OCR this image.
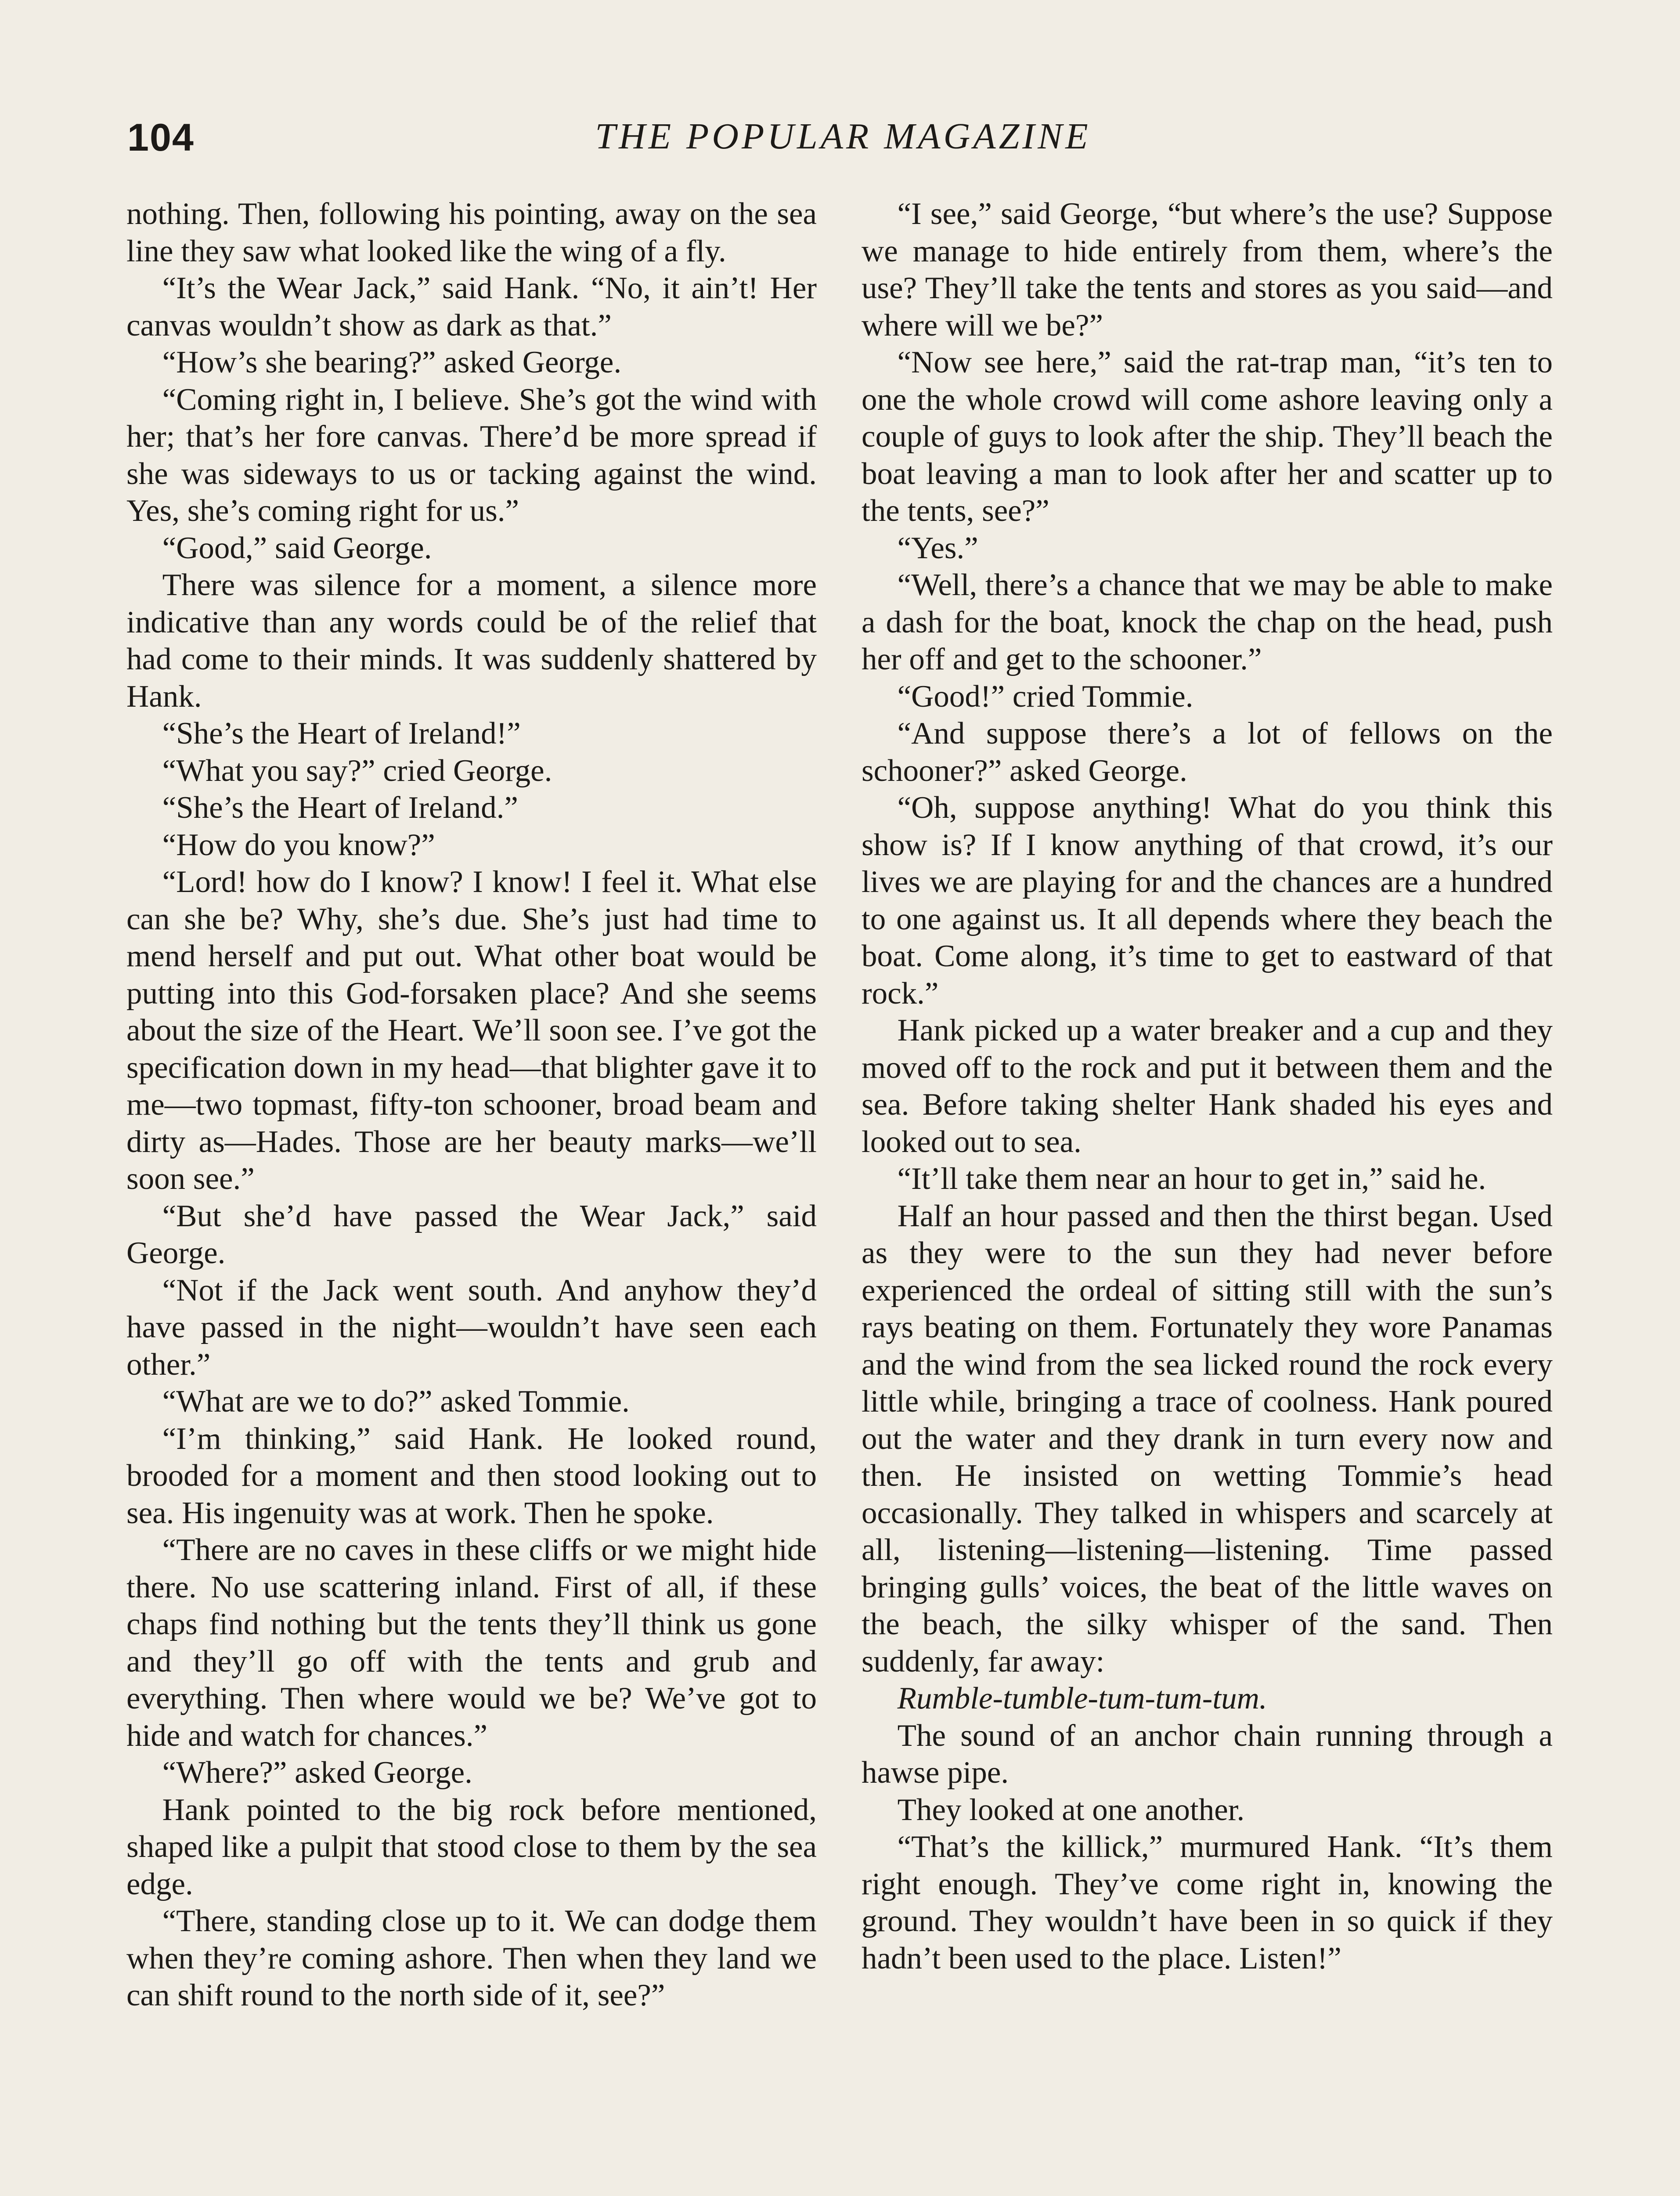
104	THE POPULAR MAGAZINE

nothing. Then, following his pointing, away on the sea line they saw what looked like the wing of a fly.

“It’s the Wear Jack,” said Hank. “No, it ain’t! Her canvas wouldn’t show as dark as that.”

“How’s she bearing?” asked George.

“Coming right in, I believe. She’s got the wind with her; that’s her fore canvas. There’d be more spread if she was sideways to us or tacking against the wind. Yes, she’s coming right for us.”

“Good,” said George.

There was silence for a moment, a silence more indicative than any words could be of the relief that had come to their minds. It was suddenly shattered by Hank.

“She’s the Heart of Ireland!”

“What you say?” cried George.

“She’s the Heart of Ireland.”

“How do you know?”

“Lord! how do I know? I know! I feel it. What else can she be? Why, she’s due. She’s just had time to mend herself and put out. What other boat would be putting into this God-forsaken place? And she seems about the size of the Heart. We’ll soon see. I’ve got the specification down in my head—that blighter gave it to me—two topmast, fifty-ton schooner, broad beam and dirty as—Hades. Those are her beauty marks—we’ll soon see.”

“But she’d have passed the Wear Jack,” said George.

“Not if the Jack went south. And anyhow they’d have passed in the night—wouldn’t have seen each other.”

“What are we to do?” asked Tommie.

“I’m thinking,” said Hank. He looked round, brooded for a moment and then stood looking out to sea. His ingenuity was at work. Then he spoke.

“There are no caves in these cliffs or we might hide there. No use scattering inland. First of all, if these chaps find nothing but the tents they’ll think us gone and they’ll go off with the tents and grub and everything. Then where would we be? We’ve got to hide and watch for chances.”

“Where?” asked George.

Hank pointed to the big rock before mentioned, shaped like a pulpit that stood close to them by the sea edge.

“There, standing close up to it. We can dodge them when they’re coming ashore. Then when they land we can shift round to the north side of it, see?”

“I see,” said George, “but where’s the use? Suppose we manage to hide entirely from them, where’s the use? They’ll take the tents and stores as you said—and where will we be?”

“Now see here,” said the rat-trap man, “it’s ten to one the whole crowd will come ashore leaving only a couple of guys to look after the ship. They’ll beach the boat leaving a man to look after her and scatter up to the tents, see?”

“Yes.”

“Well, there’s a chance that we may be able to make a dash for the boat, knock the chap on the head, push her off and get to the schooner.”

“Good!” cried Tommie.

“And suppose there’s a lot of fellows on the schooner?” asked George.

“Oh, suppose anything! What do you think this show is? If I know anything of that crowd, it’s our lives we are playing for and the chances are a hundred to one against us. It all depends where they beach the boat. Come along, it’s time to get to eastward of that rock.”

Hank picked up a water breaker and a cup and they moved off to the rock and put it between them and the sea. Before taking shelter Hank shaded his eyes and looked out to sea.

“It’ll take them near an hour to get in,” said he.

Half an hour passed and then the thirst began. Used as they were to the sun they had never before experienced the ordeal of sitting still with the sun’s rays beating on them. Fortunately they wore Panamas and the wind from the sea licked round the rock every little while, bringing a trace of coolness. Hank poured out the water and they drank in turn every now and then. He insisted on wetting Tommie’s head occasionally. They talked in whispers and scarcely at all, listening—listening—listening. Time passed bringing gulls’ voices, the beat of the little waves on the beach, the silky whisper of the sand. Then suddenly, far away:

Rumble-tumble-tum-tum-tum.

The sound of an anchor chain running through a hawse pipe.

They looked at one another.

“That’s the killick,” murmured Hank. “It’s them right enough. They’ve come right in, knowing the ground. They wouldn’t have been in so quick if they hadn’t been used to the place. Listen!”
